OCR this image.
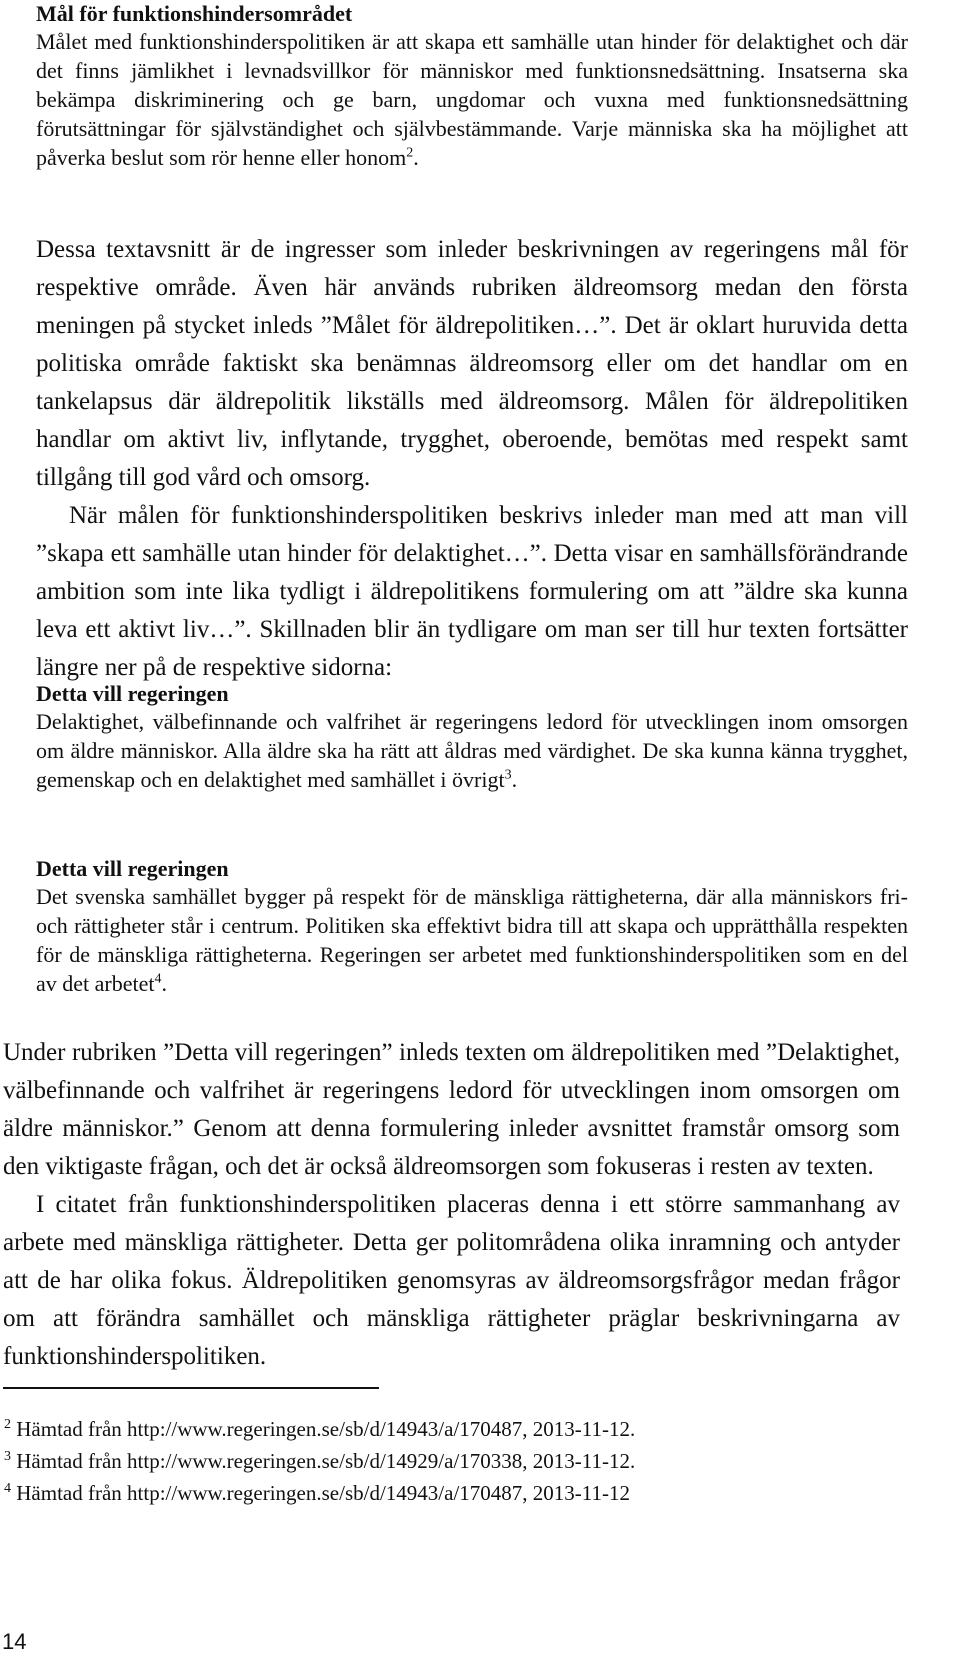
Mål för funktionshindersområdet
Målet med funktionshinderspolitiken är att skapa ett samhälle utan hinder för delaktighet och där det finns jämlikhet i levnadsvillkor för människor med funktionsnedsättning. Insatserna ska bekämpa diskriminering och ge barn, ungdomar och vuxna med funktionsnedsättning förutsättningar för självständighet och självbestämmande. Varje människa ska ha möjlighet att påverka beslut som rör henne eller honom$^2$.

Dessa textavsnitt är de ingresser som inleder beskrivningen av regeringens mål för respektive område. Även här används rubriken äldreomsorg medan den första meningen på stycket inleds ”Målet för äldrepolitiken…”. Det är oklart huruvida detta politiska område faktiskt ska benämnas äldreomsorg eller om det handlar om en tankelapsus där äldrepolitik likställs med äldreomsorg. Målen för äldrepolitiken handlar om aktivt liv, inflytande, trygghet, oberoende, bemötas med respekt samt tillgång till god vård och omsorg.

När målen för funktionshinderspolitiken beskrivs inleder man med att man vill ”skapa ett samhälle utan hinder för delaktighet…”. Detta visar en samhällsförändrande ambition som inte lika tydligt i äldrepolitikens formulering om att ”äldre ska kunna leva ett aktivt liv…”. Skillnaden blir än tydligare om man ser till hur texten fortsätter längre ner på de respektive sidorna:

Detta vill regeringen
Delaktighet, välbefinnande och valfrihet är regeringens ledord för utvecklingen inom omsorgen om äldre människor. Alla äldre ska ha rätt att åldras med värdighet. De ska kunna känna trygghet, gemenskap och en delaktighet med samhället i övrigt$^3$.
Detta vill regeringen
Det svenska samhället bygger på respekt för de mänskliga rättigheterna, där alla människors fri- och rättigheter står i centrum. Politiken ska effektivt bidra till att skapa och upprätthålla respekten för de mänskliga rättigheterna. Regeringen ser arbetet med funktionshinderspolitiken som en del av det arbetet$^4$.

Under rubriken ”Detta vill regeringen” inleds texten om äldrepolitiken med ”Delaktighet, välbefinnande och valfrihet är regeringens ledord för utvecklingen inom omsorgen om äldre människor.” Genom att denna formulering inleder avsnittet framstår omsorg som den viktigaste frågan, och det är också äldreomsorgen som fokuseras i resten av texten.

I citatet från funktionshinderspolitiken placeras denna i ett större sammanhang av arbete med mänskliga rättigheter. Detta ger politområdena olika inramning och antyder att de har olika fokus. Äldrepolitiken genomsyras av äldreomsorgsfrågor medan frågor om att förändra samhället och mänskliga rättigheter präglar beskrivningarna av funktionshinderspolitiken.

$^2$ Hämtad från http://www.regeringen.se/sb/d/14943/a/170487, 2013-11-12.
$^3$ Hämtad från http://www.regeringen.se/sb/d/14929/a/170338, 2013-11-12.
$^4$ Hämtad från http://www.regeringen.se/sb/d/14943/a/170487, 2013-11-12
14
